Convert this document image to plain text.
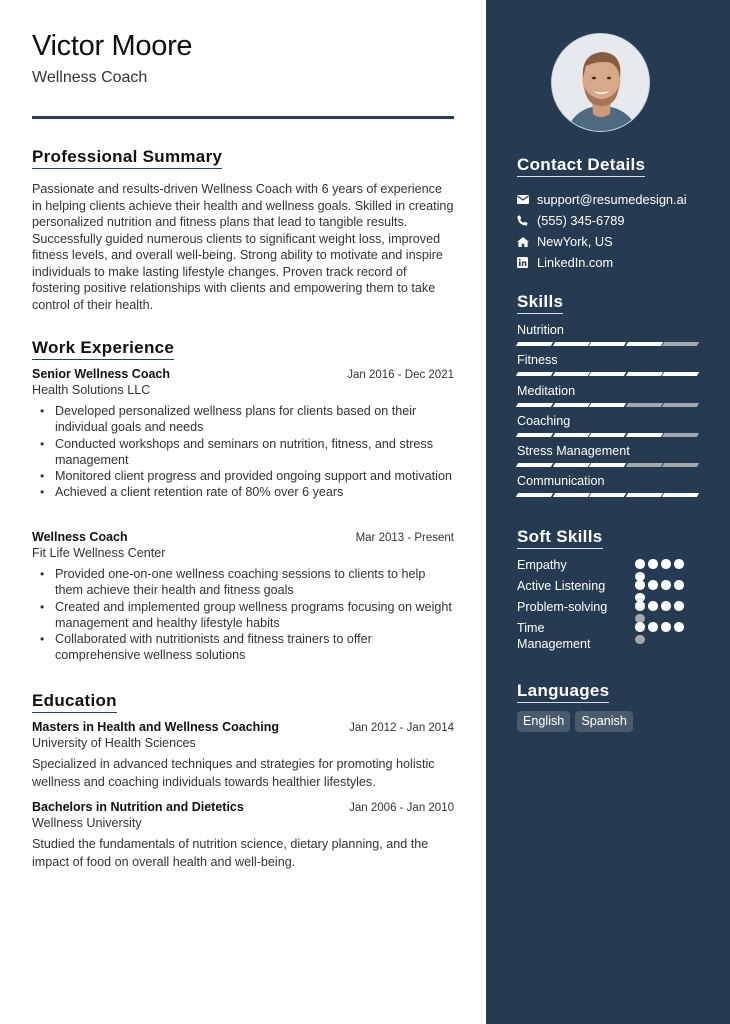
Victor Moore
Wellness Coach
Professional Summary
Passionate and results-driven Wellness Coach with 6 years of experience in helping clients achieve their health and wellness goals. Skilled in creating personalized nutrition and fitness plans that lead to tangible results. Successfully guided numerous clients to significant weight loss, improved fitness levels, and overall well-being. Strong ability to motivate and inspire individuals to make lasting lifestyle changes. Proven track record of fostering positive relationships with clients and empowering them to take control of their health.
Work Experience
Senior Wellness Coach	Jan 2016 - Dec 2021
Health Solutions LLC
• Developed personalized wellness plans for clients based on their individual goals and needs
• Conducted workshops and seminars on nutrition, fitness, and stress management
• Monitored client progress and provided ongoing support and motivation
• Achieved a client retention rate of 80% over 6 years
Wellness Coach	Mar 2013 - Present
Fit Life Wellness Center
• Provided one-on-one wellness coaching sessions to clients to help them achieve their health and fitness goals
• Created and implemented group wellness programs focusing on weight management and healthy lifestyle habits
• Collaborated with nutritionists and fitness trainers to offer comprehensive wellness solutions
Education
Masters in Health and Wellness Coaching	Jan 2012 - Jan 2014
University of Health Sciences
Specialized in advanced techniques and strategies for promoting holistic wellness and coaching individuals towards healthier lifestyles.
Bachelors in Nutrition and Dietetics	Jan 2006 - Jan 2010
Wellness University
Studied the fundamentals of nutrition science, dietary planning, and the impact of food on overall health and well-being.
Contact Details
support@resumedesign.ai
(555) 345-6789
NewYork, US
LinkedIn.com
Skills
Nutrition
Fitness
Meditation
Coaching
Stress Management
Communication
Soft Skills
Empathy
Active Listening
Problem-solving
Time Management
Languages
English	Spanish
